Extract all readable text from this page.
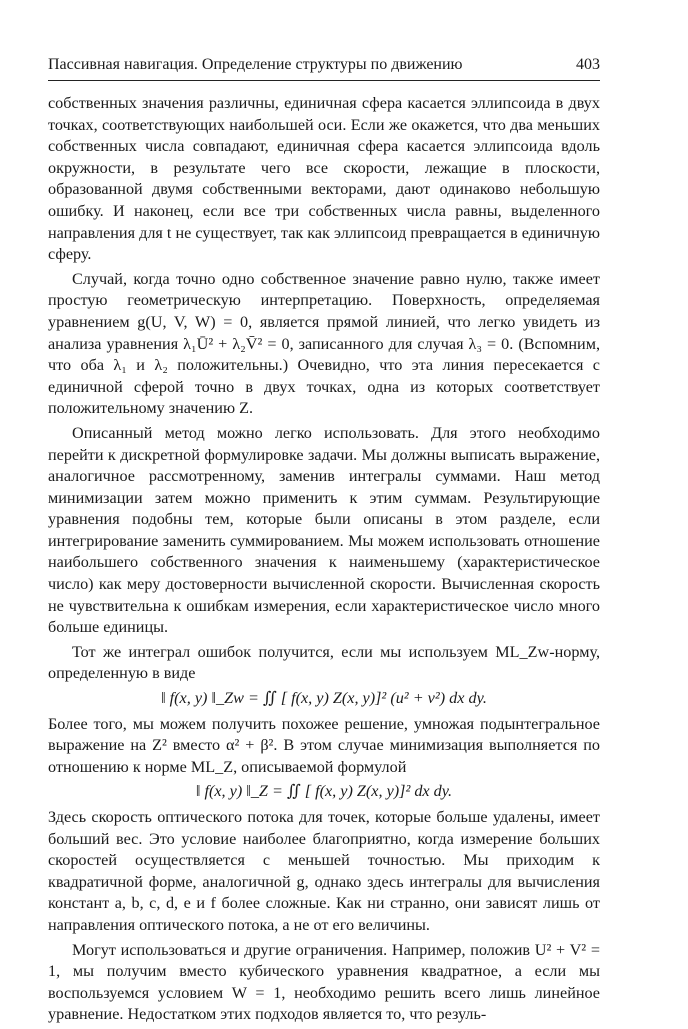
Пассивная навигация. Определение структуры по движению	403

собственных значения различны, единичная сфера касается эллипсоида в двух точках, соответствующих наибольшей оси. Если же окажется, что два меньших собственных числа совпадают, единичная сфера касается эллипсоида вдоль окружности, в результате чего все скорости, лежащие в плоскости, образованной двумя собственными векторами, дают одинаково небольшую ошибку. И наконец, если все три собственных числа равны, выделенного направления для t не существует, так как эллипсоид превращается в единичную сферу.

Случай, когда точно одно собственное значение равно нулю, также имеет простую геометрическую интерпретацию. Поверхность, определяемая уравнением g(U, V, W) = 0, является прямой линией, что легко увидеть из анализа уравнения λ₁Ū² + λ₂V̄² = 0, записанного для случая λ₃ = 0. (Вспомним, что оба λ₁ и λ₂ положительны.) Очевидно, что эта линия пересекается с единичной сферой точно в двух точках, одна из которых соответствует положительному значению Z.

Описанный метод можно легко использовать. Для этого необходимо перейти к дискретной формулировке задачи. Мы должны выписать выражение, аналогичное рассмотренному, заменив интегралы суммами. Наш метод минимизации затем можно применить к этим суммам. Результирующие уравнения подобны тем, которые были описаны в этом разделе, если интегрирование заменить суммированием. Мы можем использовать отношение наибольшего собственного значения к наименьшему (характеристическое число) как меру достоверности вычисленной скорости. Вычисленная скорость не чувствительна к ошибкам измерения, если характеристическое число много больше единицы.

Тот же интеграл ошибок получится, если мы используем ML_Zw-норму, определенную в виде

‖ f(x, y) ‖_Zw = ∬ [ f(x, y) Z(x, y)]² (u² + v²) dx dy.

Более того, мы можем получить похожее решение, умножая подынтегральное выражение на Z² вместо α² + β². В этом случае минимизация выполняется по отношению к норме ML_Z, описываемой формулой

‖ f(x, y) ‖_Z = ∬ [ f(x, y) Z(x, y)]² dx dy.

Здесь скорость оптического потока для точек, которые больше удалены, имеет больший вес. Это условие наиболее благоприятно, когда измерение больших скоростей осуществляется с меньшей точностью. Мы приходим к квадратичной форме, аналогичной g, однако здесь интегралы для вычисления констант a, b, c, d, e и f более сложные. Как ни странно, они зависят лишь от направления оптического потока, а не от его величины.

Могут использоваться и другие ограничения. Например, положив U² + V² = 1, мы получим вместо кубического уравнения квадратное, а если мы воспользуемся условием W = 1, необходимо решить всего лишь линейное уравнение. Недостатком этих подходов является то, что резуль-
